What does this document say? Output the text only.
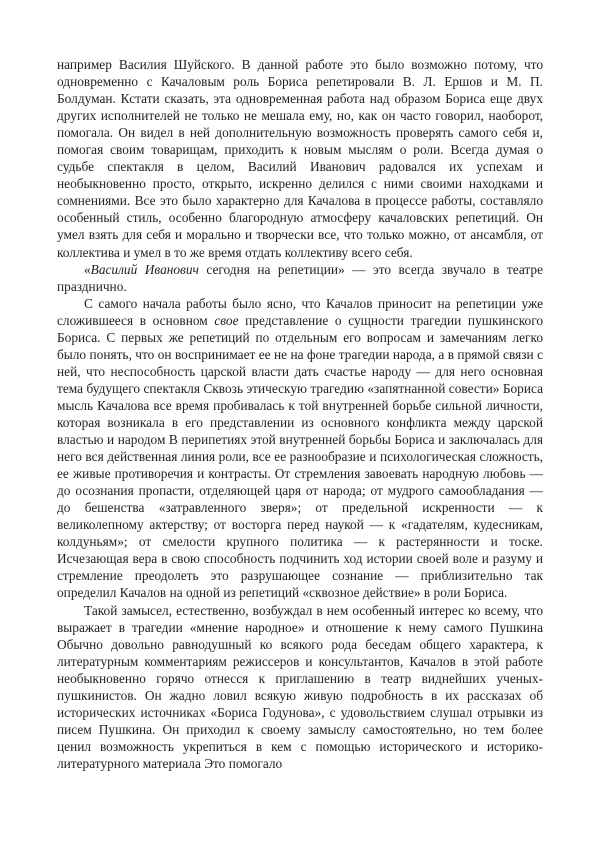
например Василия Шуйского. В данной работе это было возможно потому, что одновременно с Качаловым роль Бориса репетировали В. Л. Ершов и М. П. Болдуман. Кстати сказать, эта одновременная работа над образом Бориса еще двух других исполнителей не только не мешала ему, но, как он часто говорил, наоборот, помогала. Он видел в ней дополнительную возможность проверять самого себя и, помогая своим товарищам, приходить к новым мыслям о роли. Всегда думая о судьбе спектакля в целом, Василий Иванович радовался их успехам и необыкновенно просто, открыто, искренно делился с ними своими находками и сомнениями. Все это было характерно для Качалова в процессе работы, составляло особенный стиль, особенно благородную атмосферу качаловских репетиций. Он умел взять для себя и морально и творчески все, что только можно, от ансамбля, от коллектива и умел в то же время отдать коллективу всего себя.

«Василий Иванович сегодня на репетиции» — это всегда звучало в театре празднично.

С самого начала работы было ясно, что Качалов приносит на репетиции уже сложившееся в основном свое представление о сущности трагедии пушкинского Бориса. С первых же репетиций по отдельным его вопросам и замечаниям легко было понять, что он воспринимает ее не на фоне трагедии народа, а в прямой связи с ней, что неспособность царской власти дать счастье народу — для него основная тема будущего спектакля Сквозь этическую трагедию «запятнанной совести» Бориса мысль Качалова все время пробивалась к той внутренней борьбе сильной личности, которая возникала в его представлении из основного конфликта между царской властью и народом В перипетиях этой внутренней борьбы Бориса и заключалась для него вся действенная линия роли, все ее разнообразие и психологическая сложность, ее живые противоречия и контрасты. От стремления завоевать народную любовь — до осознания пропасти, отделяющей царя от народа; от мудрого самообладания — до бешенства «затравленного зверя»; от предельной искренности — к великолепному актерству; от восторга перед наукой — к «гадателям, кудесникам, колдуньям»; от смелости крупного политика — к растерянности и тоске. Исчезающая вера в свою способность подчинить ход истории своей воле и разуму и стремление преодолеть это разрушающее сознание — приблизительно так определил Качалов на одной из репетиций «сквозное действие» в роли Бориса.

Такой замысел, естественно, возбуждал в нем особенный интерес ко всему, что выражает в трагедии «мнение народное» и отношение к нему самого Пушкина Обычно довольно равнодушный ко всякого рода беседам общего характера, к литературным комментариям режиссеров и консультантов, Качалов в этой работе необыкновенно горячо отнесся к приглашению в театр виднейших ученых-пушкинистов. Он жадно ловил всякую живую подробность в их рассказах об исторических источниках «Бориса Годунова», с удовольствием слушал отрывки из писем Пушкина. Он приходил к своему замыслу самостоятельно, но тем более ценил возможность укрепиться в кем с помощью исторического и историко-литературного материала Это помогало
